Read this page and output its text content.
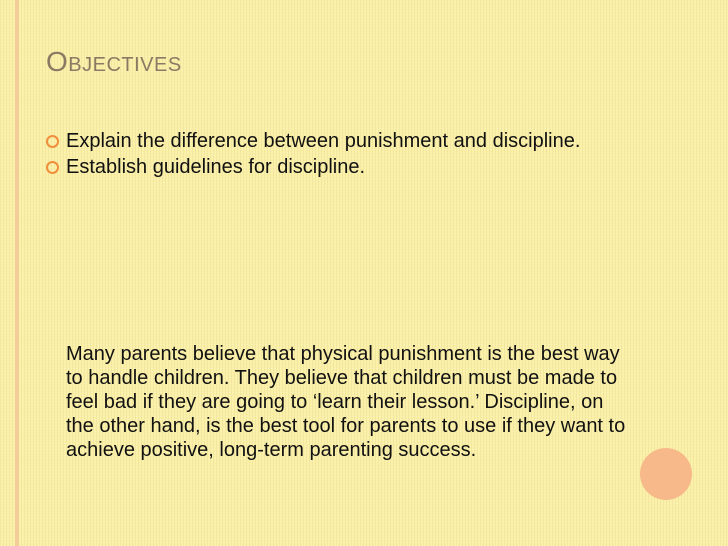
Objectives
Explain the difference between punishment and discipline.
Establish guidelines for discipline.

Many parents believe that physical punishment is the best way to handle children. They believe that children must be made to feel bad if they are going to ‘learn their lesson.’ Discipline, on the other hand, is the best tool for parents to use if they want to achieve positive, long-term parenting success.
